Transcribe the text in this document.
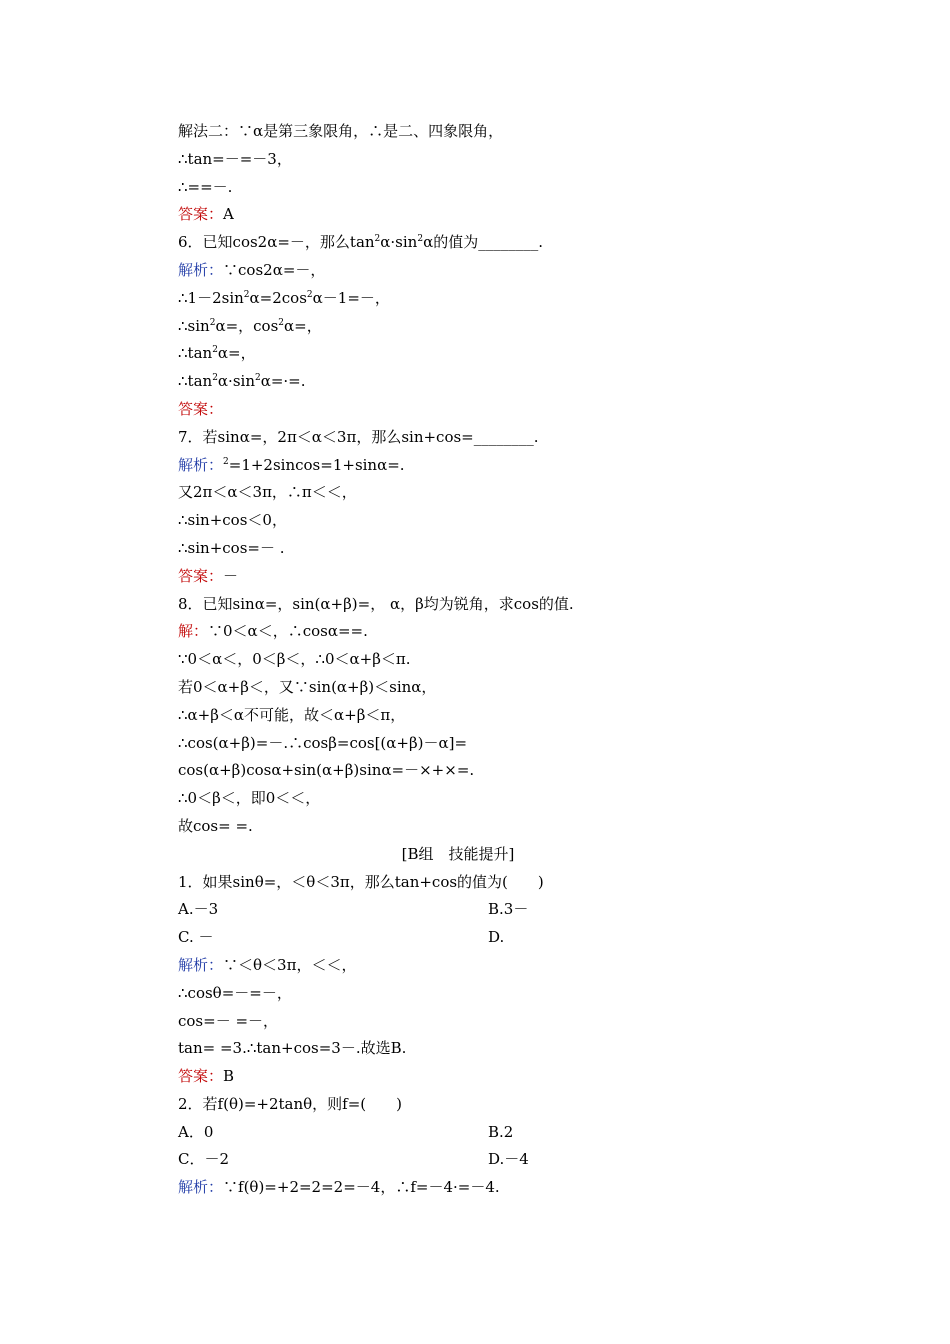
解法二：∵α是第三象限角，∴是二、四象限角，
∴tan=－=－3，
∴==－.
答案：A
6．已知cos2α=－，那么$\tan^2\alpha\cdot\sin^2\alpha$的值为________.
解析：∵cos2α=－，
$\therefore 1-2\sin^2\alpha=2\cos^2\alpha-1=-$，
$\therefore\sin^2\alpha=$，$\cos^2\alpha=$，
$\therefore\tan^2\alpha=$，
$\therefore\tan^2\alpha\cdot\sin^2\alpha=\cdot=$.
答案：
7．若sinα=，2π＜α＜3π，那么sin+cos=________.
解析：$^2$=1+2sincos=1+sinα=.
又2π＜α＜3π，∴π＜＜，
∴sin+cos＜0，
∴sin+cos=－ .
答案：－
8．已知sinα=，sin(α+β)=， α，β均为锐角，求cos的值.
解：∵0＜α＜，∴cosα==.
∵0＜α＜，0＜β＜，∴0＜α+β＜π.
若0＜α+β＜，又∵sin(α+β)＜sinα，
∴α+β＜α不可能，故＜α+β＜π，
∴cos(α+β)=－.∴cosβ=cos[(α+β)－α]=
cos(α+β)cosα+sin(α+β)sinα=－×+×=.
∴0＜β＜，即0＜＜，
故cos= =.
[B组　技能提升]
1．如果sinθ=，＜θ＜3π，那么tan+cos的值为(　　)
A.－3	B.3－
C. －	D.
解析：∵＜θ＜3π，＜＜，
∴cosθ=－=－，
cos=－ =－，
tan= =3.∴tan+cos=3－.故选B.
答案：B
2．若f(θ)=+2tanθ，则f=(　　)
A．0	B.2
C．－2	D.－4
解析：∵f(θ)=+2=2=2=－4，∴f=－4·=－4.
